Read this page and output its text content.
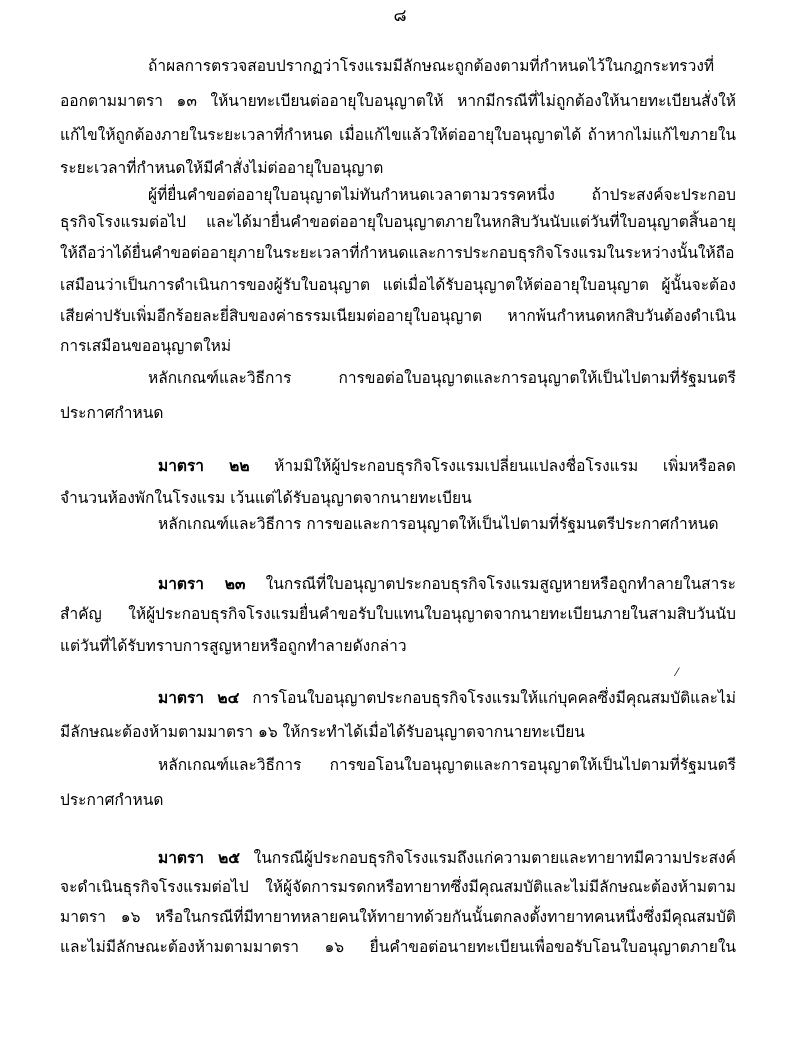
๘
ถ้าผลการตรวจสอบปรากฏว่าโรงแรมมีลักษณะถูกต้องตามที่กำหนดไว้ในกฎกระทรวงที่
ออกตามมาตรา ๑๓ ให้นายทะเบียนต่ออายุใบอนุญาตให้ หากมีกรณีที่ไม่ถูกต้องให้นายทะเบียนสั่งให้
แก้ไขให้ถูกต้องภายในระยะเวลาที่กำหนด เมื่อแก้ไขแล้วให้ต่ออายุใบอนุญาตได้ ถ้าหากไม่แก้ไขภายใน
ระยะเวลาที่กำหนดให้มีคำสั่งไม่ต่ออายุใบอนุญาต
ผู้ที่ยื่นคำขอต่ออายุใบอนุญาตไม่ทันกำหนดเวลาตามวรรคหนึ่ง ถ้าประสงค์จะประกอบ
ธุรกิจโรงแรมต่อไป และได้มายื่นคำขอต่ออายุใบอนุญาตภายในหกสิบวันนับแต่วันที่ใบอนุญาตสิ้นอายุ
ให้ถือว่าได้ยื่นคำขอต่ออายุภายในระยะเวลาที่กำหนดและการประกอบธุรกิจโรงแรมในระหว่างนั้นให้ถือ
เสมือนว่าเป็นการดำเนินการของผู้รับใบอนุญาต แต่เมื่อได้รับอนุญาตให้ต่ออายุใบอนุญาต ผู้นั้นจะต้อง
เสียค่าปรับเพิ่มอีกร้อยละยี่สิบของค่าธรรมเนียมต่ออายุใบอนุญาต หากพ้นกำหนดหกสิบวันต้องดำเนิน
การเสมือนขออนุญาตใหม่
หลักเกณฑ์และวิธีการ การขอต่อใบอนุญาตและการอนุญาตให้เป็นไปตามที่รัฐมนตรี
ประกาศกำหนด
มาตรา ๒๒ ห้ามมิให้ผู้ประกอบธุรกิจโรงแรมเปลี่ยนแปลงชื่อโรงแรม เพิ่มหรือลด
จำนวนห้องพักในโรงแรม เว้นแต่ได้รับอนุญาตจากนายทะเบียน
หลักเกณฑ์และวิธีการ การขอและการอนุญาตให้เป็นไปตามที่รัฐมนตรีประกาศกำหนด
มาตรา ๒๓ ในกรณีที่ใบอนุญาตประกอบธุรกิจโรงแรมสูญหายหรือถูกทำลายในสาระ
สำคัญ ให้ผู้ประกอบธุรกิจโรงแรมยื่นคำขอรับใบแทนใบอนุญาตจากนายทะเบียนภายในสามสิบวันนับ
แต่วันที่ได้รับทราบการสูญหายหรือถูกทำลายดังกล่าว
⁄
มาตรา ๒๔ การโอนใบอนุญาตประกอบธุรกิจโรงแรมให้แก่บุคคลซึ่งมีคุณสมบัติและไม่
มีลักษณะต้องห้ามตามมาตรา ๑๖ ให้กระทำได้เมื่อได้รับอนุญาตจากนายทะเบียน
หลักเกณฑ์และวิธีการ การขอโอนใบอนุญาตและการอนุญาตให้เป็นไปตามที่รัฐมนตรี
ประกาศกำหนด
มาตรา ๒๕ ในกรณีผู้ประกอบธุรกิจโรงแรมถึงแก่ความตายและทายาทมีความประสงค์
จะดำเนินธุรกิจโรงแรมต่อไป ให้ผู้จัดการมรดกหรือทายาทซึ่งมีคุณสมบัติและไม่มีลักษณะต้องห้ามตาม
มาตรา ๑๖ หรือในกรณีที่มีทายาทหลายคนให้ทายาทด้วยกันนั้นตกลงตั้งทายาทคนหนึ่งซึ่งมีคุณสมบัติ
และไม่มีลักษณะต้องห้ามตามมาตรา ๑๖ ยื่นคำขอต่อนายทะเบียนเพื่อขอรับโอนใบอนุญาตภายใน
